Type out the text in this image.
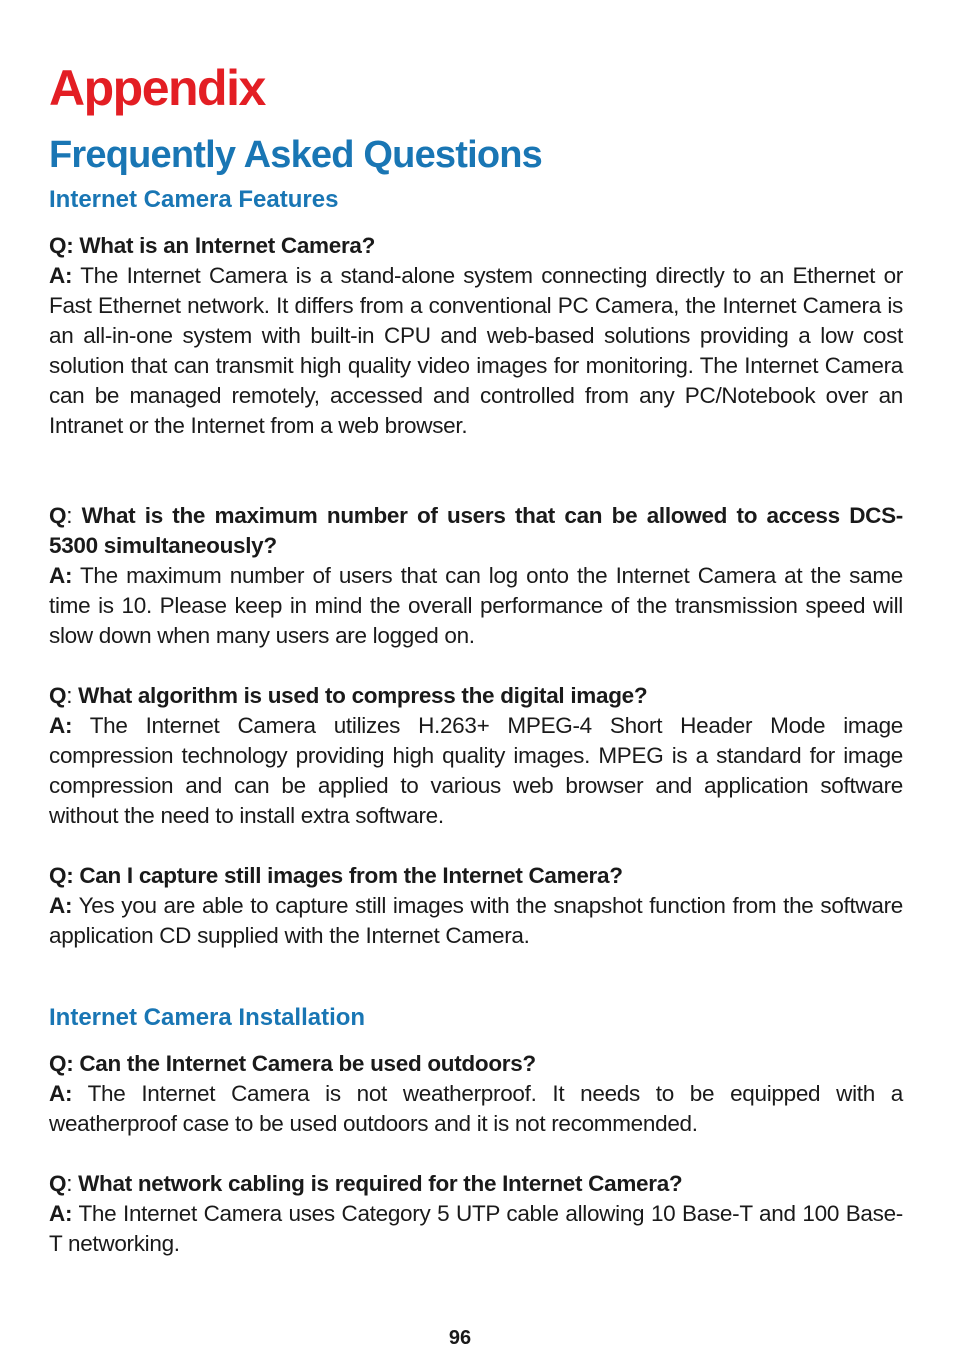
Appendix
Frequently Asked Questions
Internet Camera Features

Q: What is an Internet Camera?

A: The Internet Camera is a stand-alone system connecting directly to an Ethernet or Fast Ethernet network. It differs from a conventional PC Camera, the Internet Camera is an all-in-one system with built-in CPU and web-based solutions providing a low cost solution that can transmit high quality video images for monitoring. The Internet Camera can be managed remotely, accessed and controlled from any PC/Notebook over an Intranet or the Internet from a web browser.

Q: What is the maximum number of users that can be allowed to access DCS-5300 simultaneously?

A: The maximum number of users that can log onto the Internet Camera at the same time is 10. Please keep in mind the overall performance of the transmission speed will slow down when many users are logged on.

Q: What algorithm is used to compress the digital image?

A: The Internet Camera utilizes H.263+ MPEG-4 Short Header Mode image compression technology providing high quality images. MPEG is a standard for image compression and can be applied to various web browser and application software without the need to install extra software.

Q: Can I capture still images from the Internet Camera?

A: Yes you are able to capture still images with the snapshot function from the software application CD supplied with the Internet Camera.

Internet Camera Installation

Q: Can the Internet Camera be used outdoors?

A: The Internet Camera is not weatherproof. It needs to be equipped with a weatherproof case to be used outdoors and it is not recommended.

Q: What network cabling is required for the Internet Camera?

A: The Internet Camera uses Category 5 UTP cable allowing 10 Base-T and 100 Base-T networking.

96
